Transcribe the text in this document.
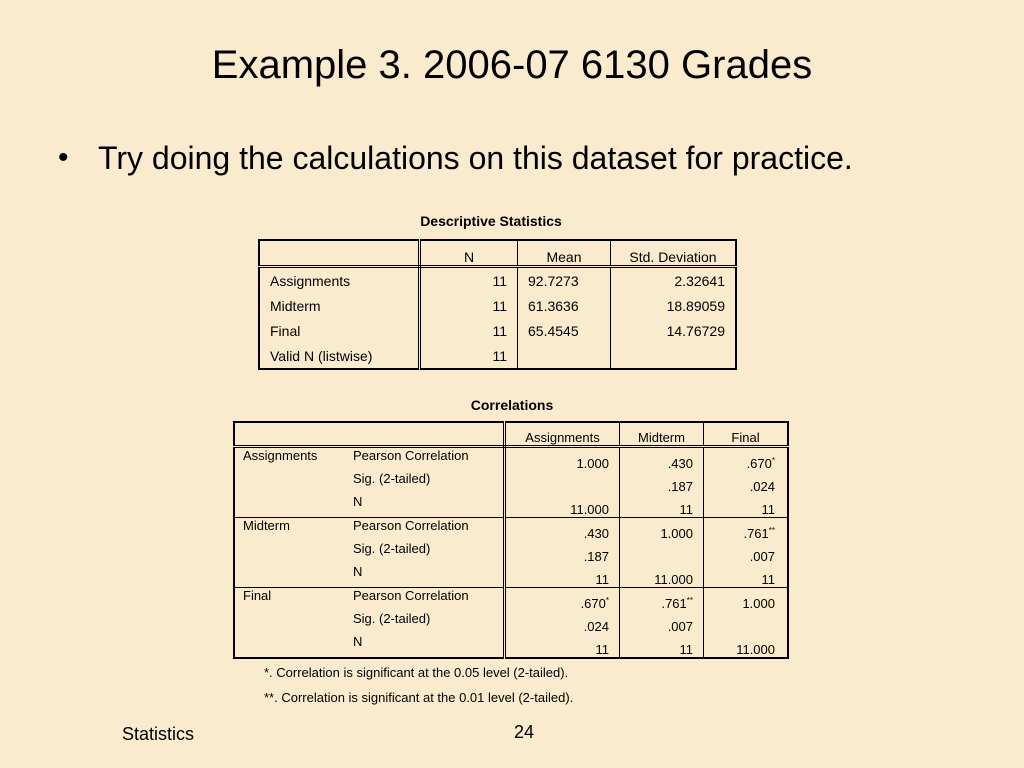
Example 3. 2006-07 6130 Grades
• Try doing the calculations on this dataset for practice.
Descriptive Statistics
	N	Mean	Std. Deviation
Assignments	11	92.7273	2.32641
Midterm	11	61.3636	18.89059
Final	11	65.4545	14.76729
Valid N (listwise)	11		
Correlations
		Assignments	Midterm	Final
Assignments	Pearson Correlation	1.000	.430	.670*
	Sig. (2-tailed)		.187	.024
	N	11.000	11	11
Midterm	Pearson Correlation	.430	1.000	.761**
	Sig. (2-tailed)	.187		.007
	N	11	11.000	11
Final	Pearson Correlation	.670*	.761**	1.000
	Sig. (2-tailed)	.024	.007	
	N	11	11	11.000
*. Correlation is significant at the 0.05 level (2-tailed).
**. Correlation is significant at the 0.01 level (2-tailed).
Statistics	24
